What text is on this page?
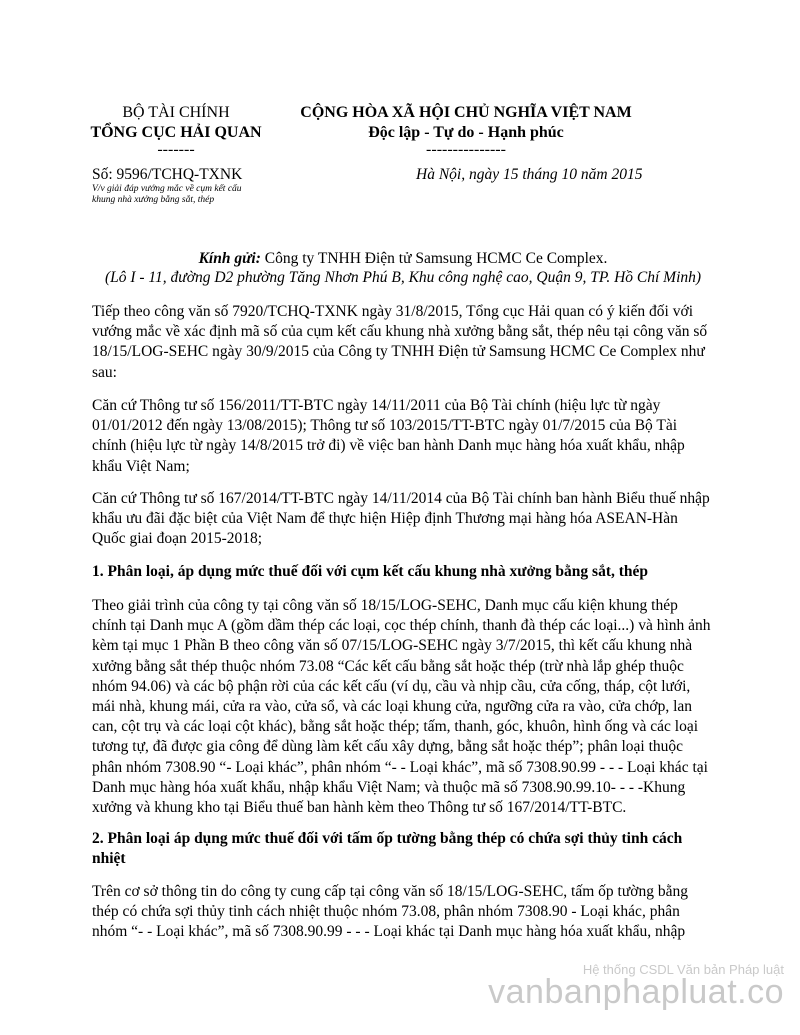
BỘ TÀI CHÍNH
TỔNG CỤC HẢI QUAN
-------
CỘNG HÒA XÃ HỘI CHỦ NGHĨA VIỆT NAM
Độc lập - Tự do - Hạnh phúc
---------------
Số: 9596/TCHQ-TXNK
V/v giải đáp vướng mắc về cụm kết cấu
khung nhà xưởng bằng sắt, thép
Hà Nội, ngày 15 tháng 10 năm 2015
Kính gửi: Công ty TNHH Điện tử Samsung HCMC Ce Complex.
(Lô I - 11, đường D2 phường Tăng Nhơn Phú B, Khu công nghệ cao, Quận 9, TP. Hồ Chí Minh)
Tiếp theo công văn số 7920/TCHQ-TXNK ngày 31/8/2015, Tổng cục Hải quan có ý kiến đối với vướng mắc về xác định mã số của cụm kết cấu khung nhà xưởng bằng sắt, thép nêu tại công văn số 18/15/LOG-SEHC ngày 30/9/2015 của Công ty TNHH Điện tử Samsung HCMC Ce Complex như sau:
Căn cứ Thông tư số 156/2011/TT-BTC ngày 14/11/2011 của Bộ Tài chính (hiệu lực từ ngày 01/01/2012 đến ngày 13/08/2015); Thông tư số 103/2015/TT-BTC ngày 01/7/2015 của Bộ Tài chính (hiệu lực từ ngày 14/8/2015 trở đi) về việc ban hành Danh mục hàng hóa xuất khẩu, nhập khẩu Việt Nam;
Căn cứ Thông tư số 167/2014/TT-BTC ngày 14/11/2014 của Bộ Tài chính ban hành Biểu thuế nhập khẩu ưu đãi đặc biệt của Việt Nam để thực hiện Hiệp định Thương mại hàng hóa ASEAN-Hàn Quốc giai đoạn 2015-2018;
1. Phân loại, áp dụng mức thuế đối với cụm kết cấu khung nhà xưởng bằng sắt, thép
Theo giải trình của công ty tại công văn số 18/15/LOG-SEHC, Danh mục cấu kiện khung thép chính tại Danh mục A (gồm dầm thép các loại, cọc thép chính, thanh đà thép các loại...) và hình ảnh kèm tại mục 1 Phần B theo công văn số 07/15/LOG-SEHC ngày 3/7/2015, thì kết cấu khung nhà xưởng bằng sắt thép thuộc nhóm 73.08 “Các kết cấu bằng sắt hoặc thép (trừ nhà lắp ghép thuộc nhóm 94.06) và các bộ phận rời của các kết cấu (ví dụ, cầu và nhịp cầu, cửa cống, tháp, cột lưới, mái nhà, khung mái, cửa ra vào, cửa sổ, và các loại khung cửa, ngưỡng cửa ra vào, cửa chớp, lan can, cột trụ và các loại cột khác), bằng sắt hoặc thép; tấm, thanh, góc, khuôn, hình ống và các loại tương tự, đã được gia công để dùng làm kết cấu xây dựng, bằng sắt hoặc thép”; phân loại thuộc phân nhóm 7308.90 “- Loại khác”, phân nhóm “- - Loại khác”, mã số 7308.90.99 - - - Loại khác tại Danh mục hàng hóa xuất khẩu, nhập khẩu Việt Nam; và thuộc mã số 7308.90.99.10- - - -Khung xưởng và khung kho tại Biểu thuế ban hành kèm theo Thông tư số 167/2014/TT-BTC.
2. Phân loại áp dụng mức thuế đối với tấm ốp tường bằng thép có chứa sợi thủy tinh cách nhiệt
Trên cơ sở thông tin do công ty cung cấp tại công văn số 18/15/LOG-SEHC, tấm ốp tường bằng thép có chứa sợi thủy tinh cách nhiệt thuộc nhóm 73.08, phân nhóm 7308.90 - Loại khác, phân nhóm “- - Loại khác”, mã số 7308.90.99 - - - Loại khác tại Danh mục hàng hóa xuất khẩu, nhập
Hệ thống CSDL Văn bản Pháp luật
vanbanphapluat.co
